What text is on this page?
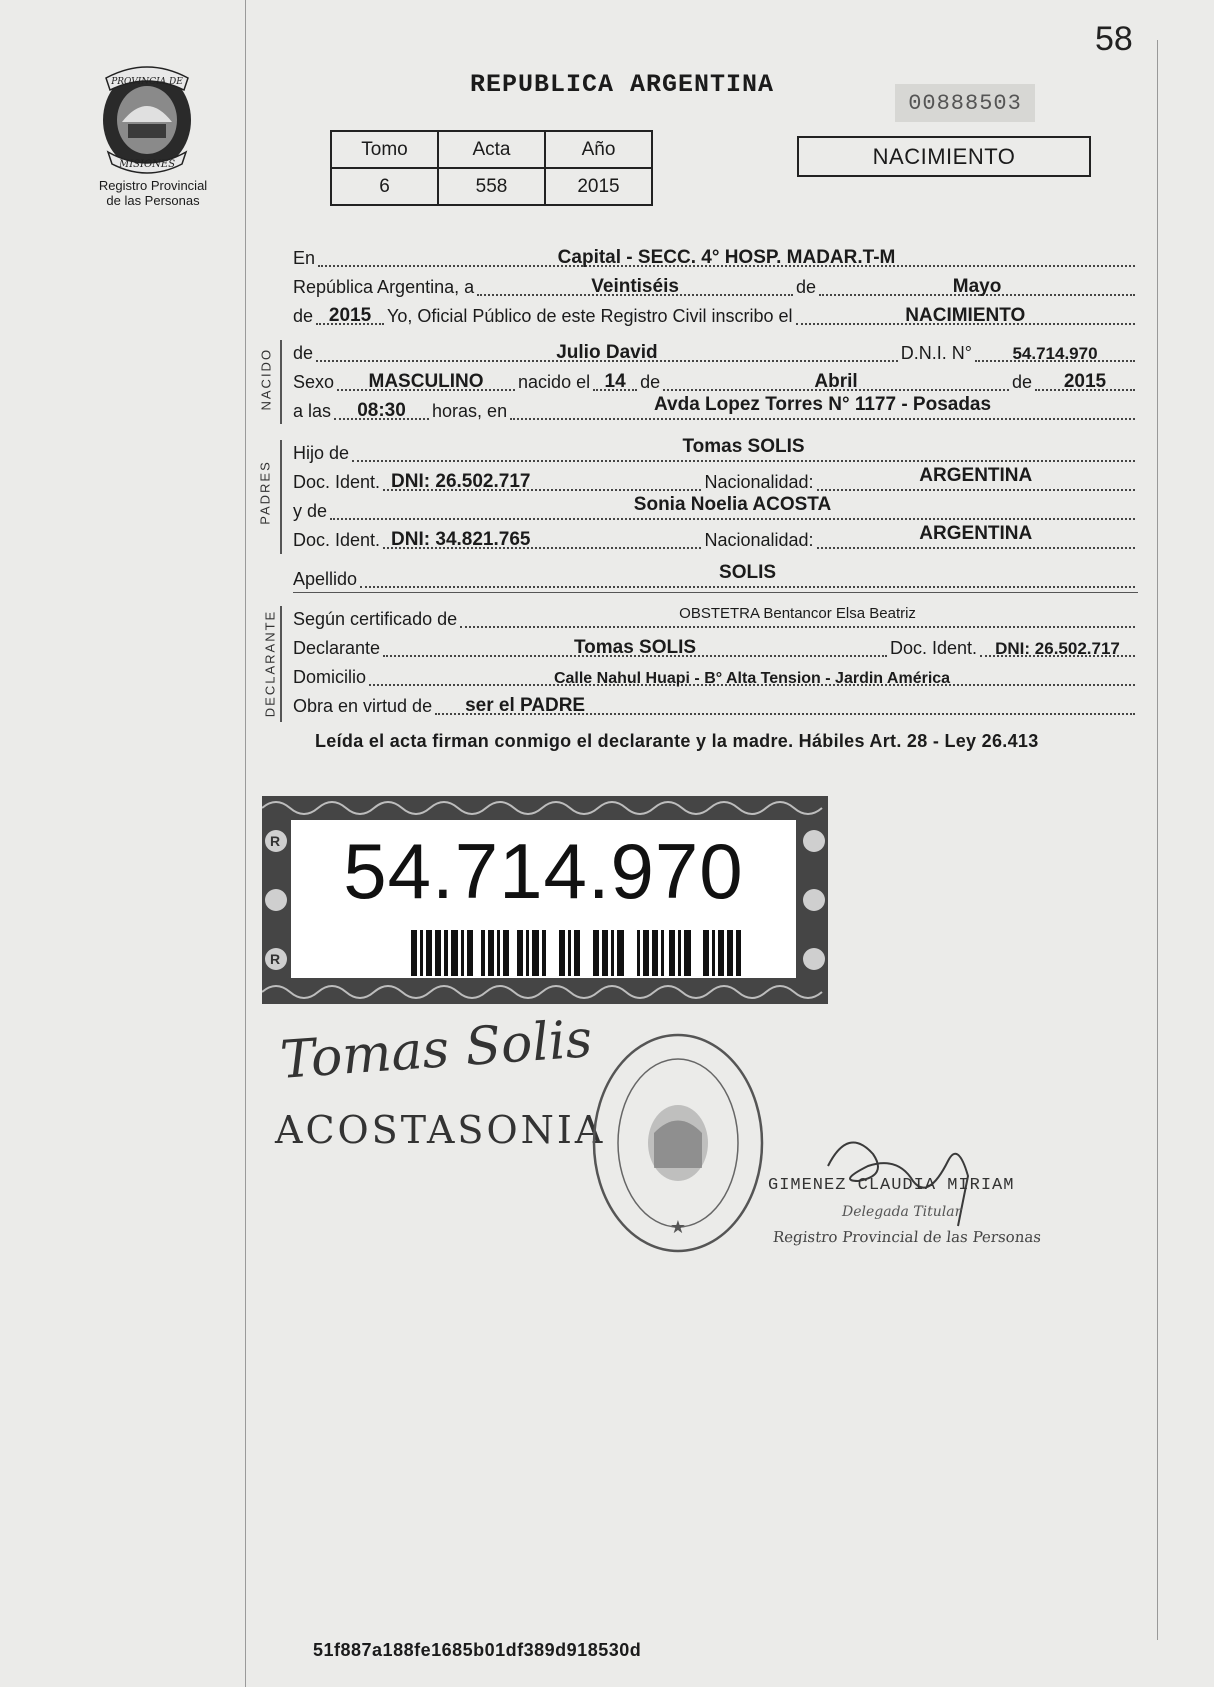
58
PROVINCIA DE
MISIONES
Registro Provincial
de las Personas
REPUBLICA ARGENTINA
00888503
Tomo	Acta	Año
6	558	2015
NACIMIENTO
En	Capital - SECC. 4° HOSP. MADAR.T-M
República Argentina, a	Veintiséis	de	Mayo
de 2015 Yo, Oficial Público de este Registro Civil inscribo el	NACIMIENTO
NACIDO de	Julio David	D.N.I. N°	54.714.970
Sexo	MASCULINO	nacido el 14 de	Abril	de	2015
a las	08:30	horas, en	Avda Lopez Torres N° 1177 - Posadas
PADRES
Hijo de	Tomas SOLIS
Doc. Ident. DNI: 26.502.717	Nacionalidad:	ARGENTINA
y de	Sonia Noelia ACOSTA
Doc. Ident. DNI: 34.821.765	Nacionalidad:	ARGENTINA
Apellido	SOLIS
DECLARANTE Según certificado de	OBSTETRA Bentancor Elsa Beatriz
Declarante	Tomas SOLIS	Doc. Ident.	DNI: 26.502.717
Domicilio	Calle Nahul Huapi - B° Alta Tension - Jardin América
Obra en virtud de ser el PADRE
Leída el acta firman conmigo el declarante y la madre. Hábiles Art. 28 - Ley 26.413
R
R
54.714.970
Tomas Solis
ACOSTASONIA
★
GIMENEZ CLAUDIA MIRIAM
Delegada Titular
Registro Provincial de las Personas
51f887a188fe1685b01df389d918530d
